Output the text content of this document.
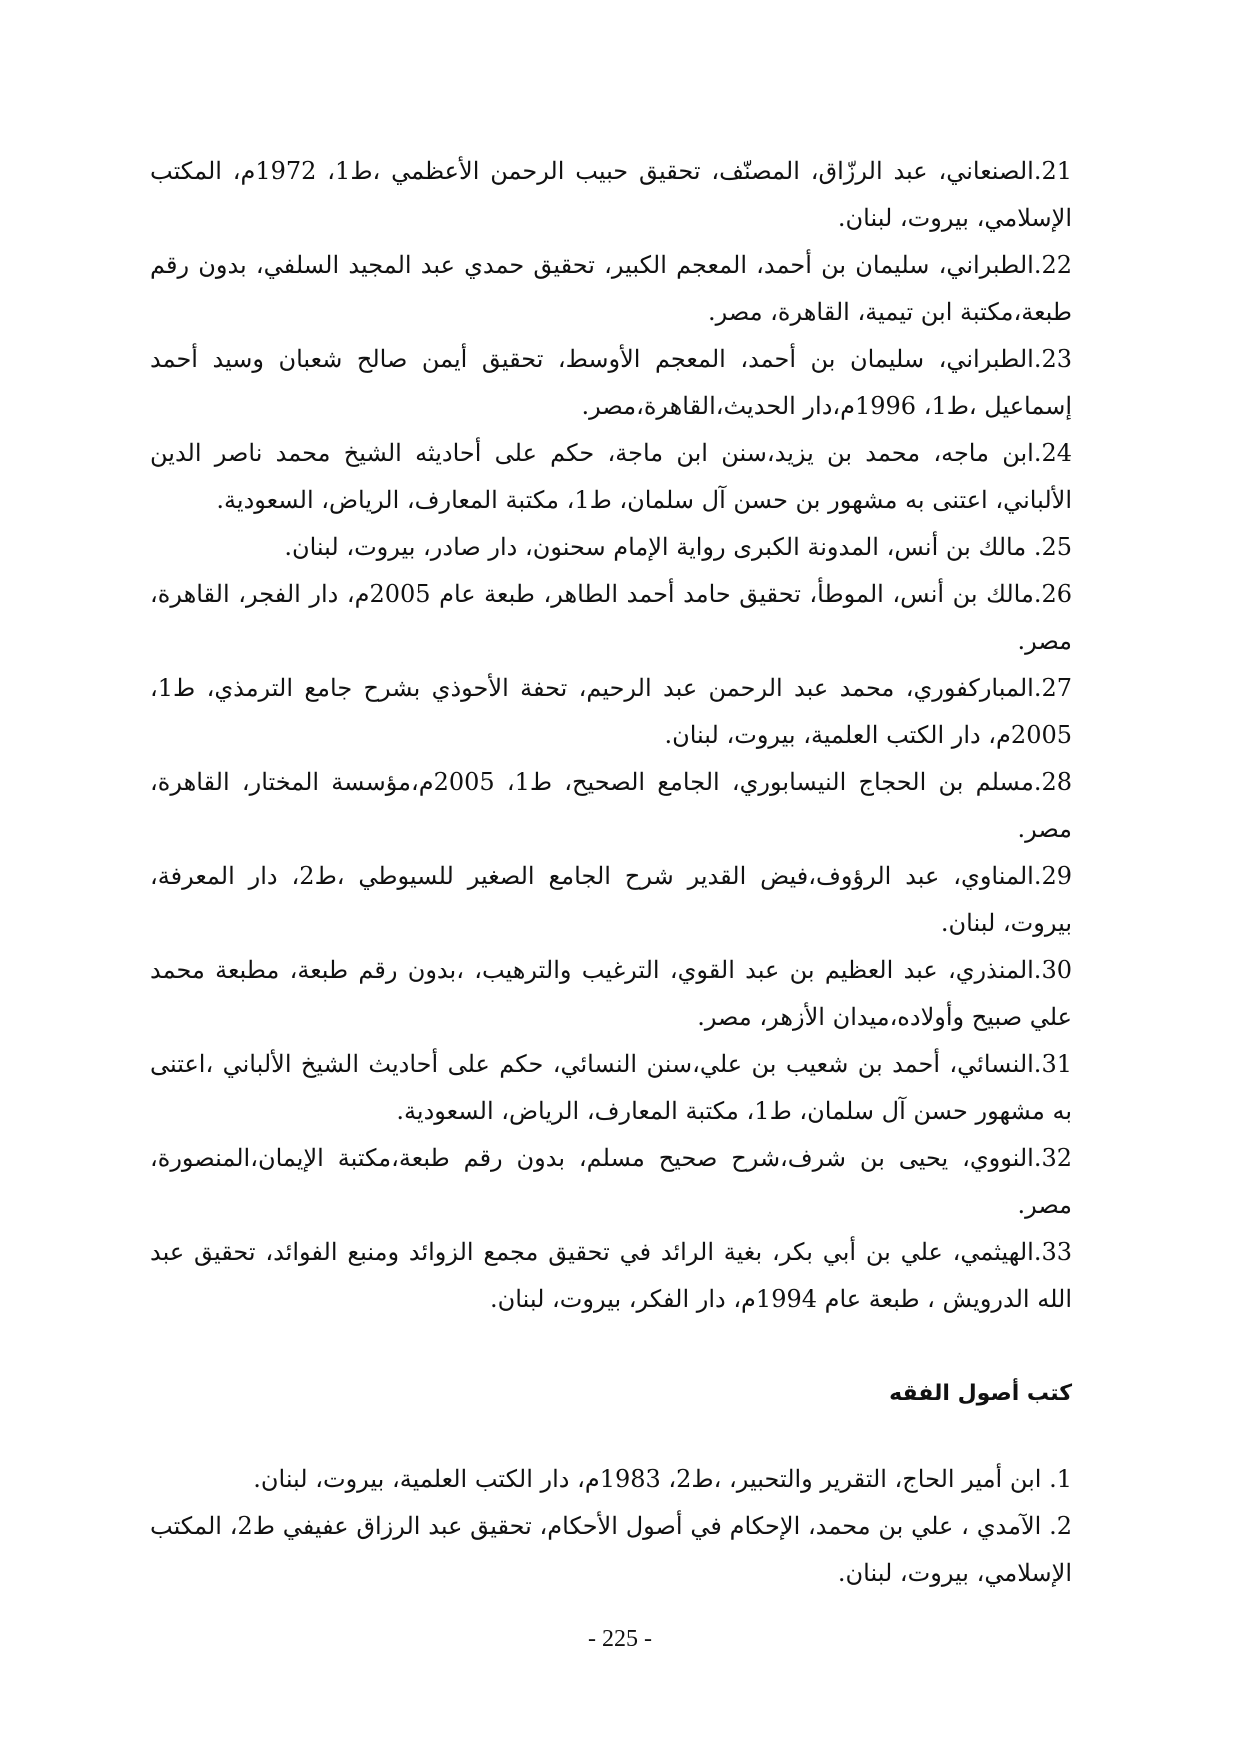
21.الصنعاني، عبد الرزّاق، المصنّف، تحقيق حبيب الرحمن الأعظمي ،ط1، 1972م، المكتب الإسلامي، بيروت، لبنان.
22.الطبراني، سليمان بن أحمد، المعجم الكبير، تحقيق حمدي عبد المجيد السلفي، بدون رقم طبعة،مكتبة ابن تيمية، القاهرة، مصر.
23.الطبراني، سليمان بن أحمد، المعجم الأوسط، تحقيق أيمن صالح شعبان وسيد أحمد إسماعيل ،ط1، 1996م،دار الحديث،القاهرة،مصر.
24.ابن ماجه، محمد بن يزيد،سنن ابن ماجة، حكم على أحاديثه الشيخ محمد ناصر الدين الألباني، اعتنى به مشهور بن حسن آل سلمان، ط1، مكتبة المعارف، الرياض، السعودية.
25. مالك بن أنس، المدونة الكبرى رواية الإمام سحنون، دار صادر، بيروت، لبنان.
26.مالك بن أنس، الموطأ، تحقيق حامد أحمد الطاهر، طبعة عام 2005م، دار الفجر، القاهرة، مصر.
27.المباركفوري، محمد عبد الرحمن عبد الرحيم، تحفة الأحوذي بشرح جامع الترمذي، ط1، 2005م، دار الكتب العلمية، بيروت، لبنان.
28.مسلم بن الحجاج النيسابوري، الجامع الصحيح، ط1، 2005م،مؤسسة المختار، القاهرة، مصر.
29.المناوي، عبد الرؤوف،فيض القدير شرح الجامع الصغير للسيوطي ،ط2، دار المعرفة، بيروت، لبنان.
30.المنذري، عبد العظيم بن عبد القوي، الترغيب والترهيب، ،بدون رقم طبعة، مطبعة محمد علي صبيح وأولاده،ميدان الأزهر، مصر.
31.النسائي، أحمد بن شعيب بن علي،سنن النسائي، حكم على أحاديث الشيخ الألباني ،اعتنى به مشهور حسن آل سلمان، ط1، مكتبة المعارف، الرياض، السعودية.
32.النووي، يحيى بن شرف،شرح صحيح مسلم، بدون رقم طبعة،مكتبة الإيمان،المنصورة، مصر.
33.الهيثمي، علي بن أبي بكر، بغية الرائد في تحقيق مجمع الزوائد ومنبع الفوائد، تحقيق عبد الله الدرويش ، طبعة عام 1994م، دار الفكر، بيروت، لبنان.
كتب أصول الفقه
1. ابن أمير الحاج، التقرير والتحبير، ،ط2، 1983م، دار الكتب العلمية، بيروت، لبنان.
2. الآمدي ، علي بن محمد، الإحكام في أصول الأحكام، تحقيق عبد الرزاق عفيفي ط2، المكتب الإسلامي، بيروت، لبنان.
- 225 -
